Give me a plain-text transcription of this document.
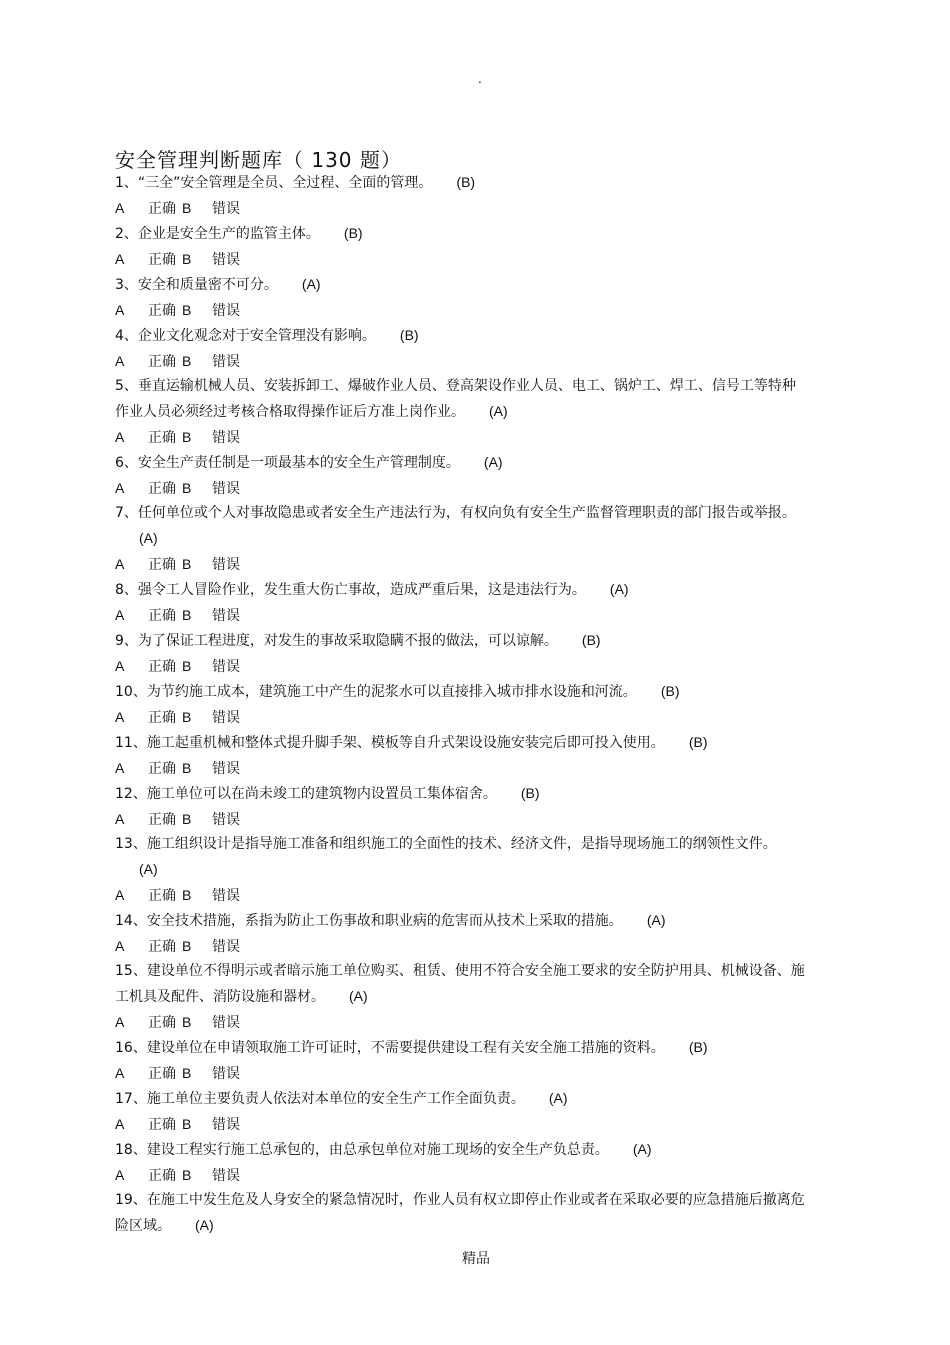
.
安全管理判断题库（ 130 题）
1、“三全”安全管理是全员、全过程、全面的管理。 (B)
A 正确 B 错误
2、企业是安全生产的监管主体。 (B)
A 正确 B 错误
3、安全和质量密不可分。 (A)
A 正确 B 错误
4、企业文化观念对于安全管理没有影响。 (B)
A 正确 B 错误
5、垂直运输机械人员、安装拆卸工、爆破作业人员、登高架设作业人员、电工、锅炉工、焊工、信号工等特种作业人员必须经过考核合格取得操作证后方准上岗作业。 (A)
A 正确 B 错误
6、安全生产责任制是一项最基本的安全生产管理制度。 (A)
A 正确 B 错误
7、任何单位或个人对事故隐患或者安全生产违法行为，有权向负有安全生产监督管理职责的部门报告或举报。(A)
A 正确 B 错误
8、强令工人冒险作业，发生重大伤亡事故，造成严重后果，这是违法行为。 (A)
A 正确 B 错误
9、为了保证工程进度，对发生的事故采取隐瞒不报的做法，可以谅解。 (B)
A 正确 B 错误
10、为节约施工成本，建筑施工中产生的泥浆水可以直接排入城市排水设施和河流。 (B)
A 正确 B 错误
11、施工起重机械和整体式提升脚手架、模板等自升式架设设施安装完后即可投入使用。 (B)
A 正确 B 错误
12、施工单位可以在尚未竣工的建筑物内设置员工集体宿舍。 (B)
A 正确 B 错误
13、施工组织设计是指导施工准备和组织施工的全面性的技术、经济文件，是指导现场施工的纲领性文件。(A)
A 正确 B 错误
14、安全技术措施，系指为防止工伤事故和职业病的危害而从技术上采取的措施。 (A)
A 正确 B 错误
15、建设单位不得明示或者暗示施工单位购买、租赁、使用不符合安全施工要求的安全防护用具、机械设备、施工机具及配件、消防设施和器材。 (A)
A 正确 B 错误
16、建设单位在申请领取施工许可证时，不需要提供建设工程有关安全施工措施的资料。 (B)
A 正确 B 错误
17、施工单位主要负责人依法对本单位的安全生产工作全面负责。 (A)
A 正确 B 错误
18、建设工程实行施工总承包的，由总承包单位对施工现场的安全生产负总责。 (A)
A 正确 B 错误
19、在施工中发生危及人身安全的紧急情况时，作业人员有权立即停止作业或者在采取必要的应急措施后撤离危险区域。 (A)
精品
